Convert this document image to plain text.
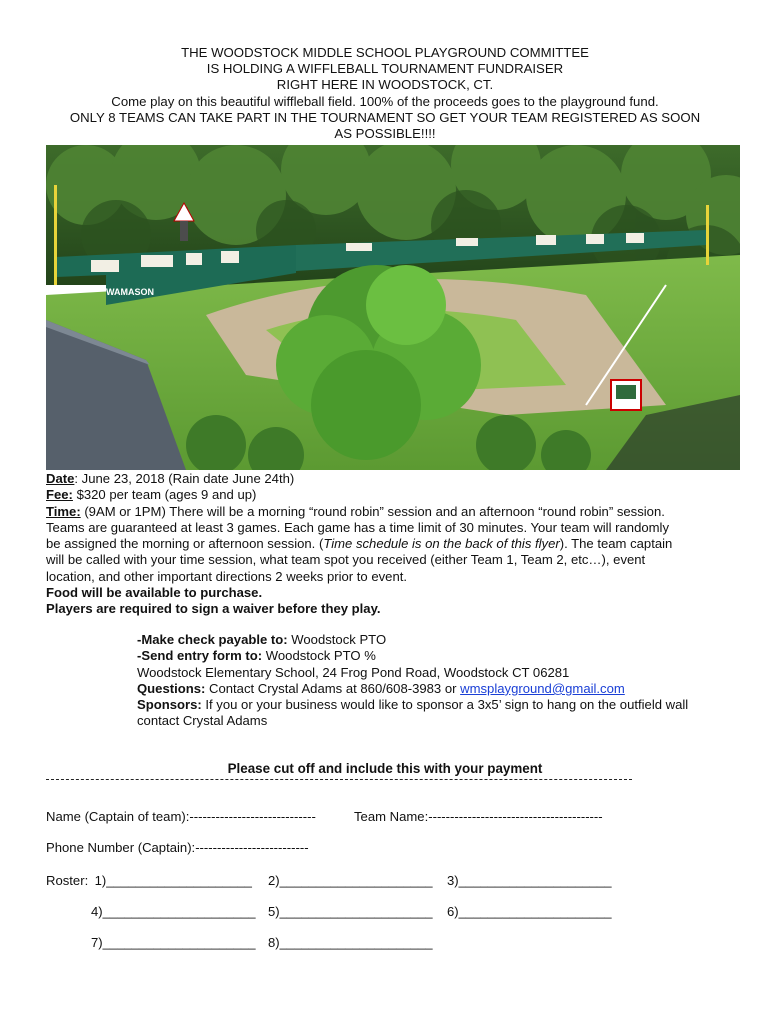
THE WOODSTOCK MIDDLE SCHOOL PLAYGROUND COMMITTEE
IS HOLDING A WIFFLEBALL TOURNAMENT FUNDRAISER
RIGHT HERE IN WOODSTOCK, CT.
Come play on this beautiful wiffleball field. 100% of the proceeds goes to the playground fund.
ONLY 8 TEAMS CAN TAKE PART IN THE TOURNAMENT SO GET YOUR TEAM REGISTERED AS SOON
AS POSSIBLE!!!!
WAMASON
Date: June 23, 2018 (Rain date June 24th)
Fee: $320 per team (ages 9 and up)
Time: (9AM or 1PM) There will be a morning “round robin” session and an afternoon “round robin” session.
Teams are guaranteed at least 3 games. Each game has a time limit of 30 minutes. Your team will randomly
be assigned the morning or afternoon session. (Time schedule is on the back of this flyer). The team captain
will be called with your time session, what team spot you received (either Team 1, Team 2, etc…), event
location, and other important directions 2 weeks prior to event.
Food will be available to purchase.
Players are required to sign a waiver before they play.
-Make check payable to: Woodstock PTO
-Send entry form to: Woodstock PTO %
Woodstock Elementary School, 24 Frog Pond Road, Woodstock CT 06281
Questions: Contact Crystal Adams at 860/608-3983 or wmsplayground@gmail.com
Sponsors: If you or your business would like to sponsor a 3x5’ sign to hang on the outfield wall
contact Crystal Adams
Please cut off and include this with your payment
Name (Captain of team):-----------------------------	Team Name:----------------------------------------
Phone Number (Captain):--------------------------
Roster: 1)____________________ 2)_____________________ 3)_____________________
4)_____________________ 5)_____________________ 6)_____________________
7)_____________________ 8)_____________________
